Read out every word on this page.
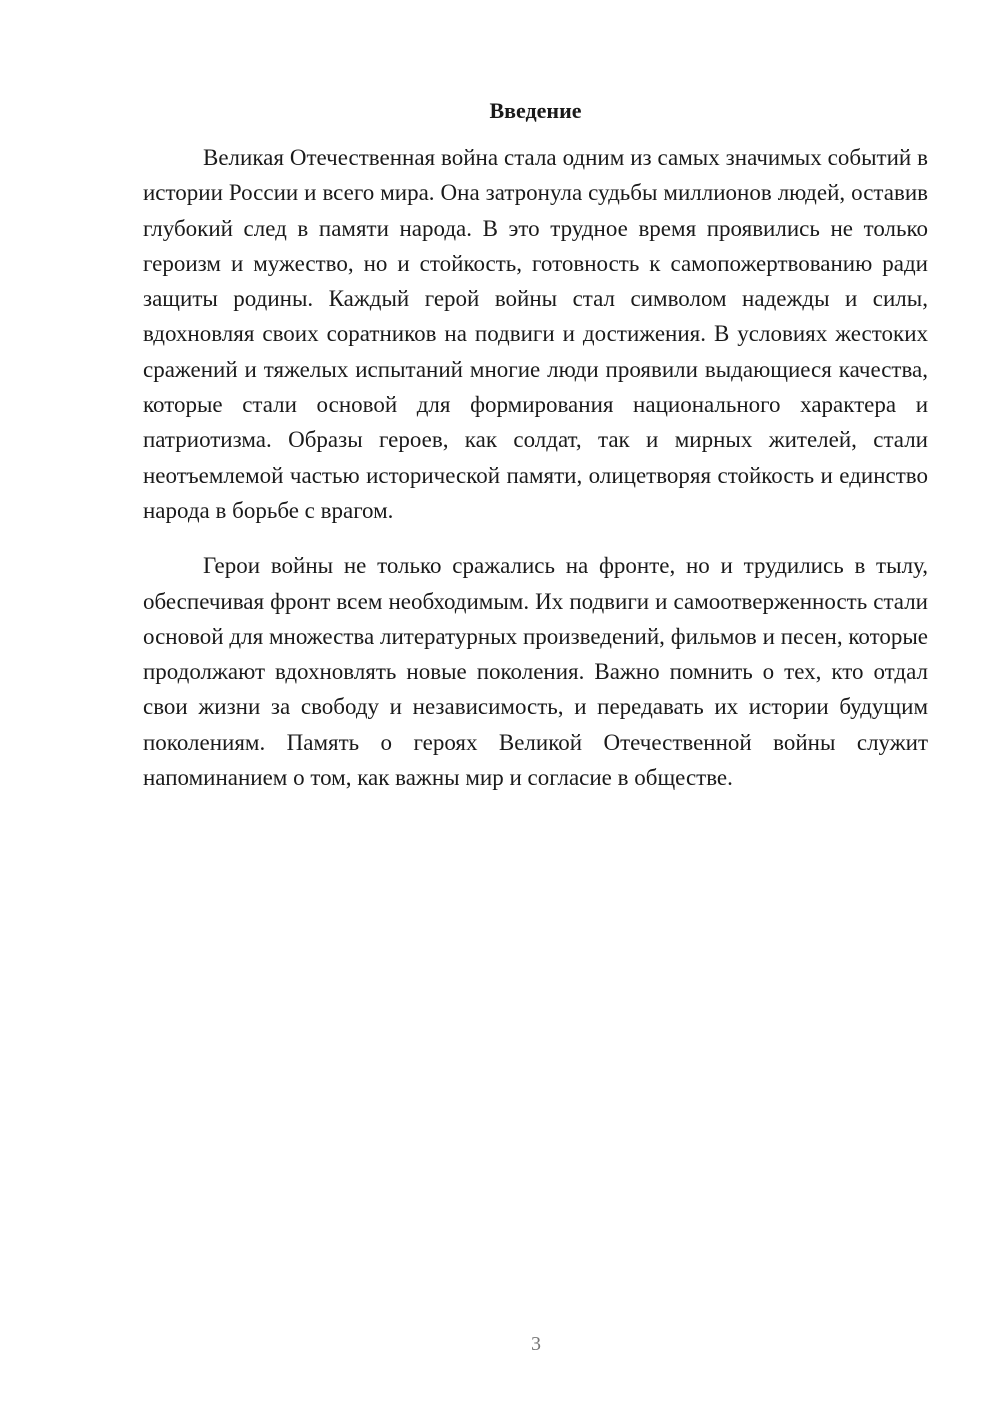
Введение

Великая Отечественная война стала одним из самых значимых событий в истории России и всего мира. Она затронула судьбы миллионов людей, оставив глубокий след в памяти народа. В это трудное время проявились не только героизм и мужество, но и стойкость, готовность к самопожертвованию ради защиты родины. Каждый герой войны стал символом надежды и силы, вдохновляя своих соратников на подвиги и достижения. В условиях жестоких сражений и тяжелых испытаний многие люди проявили выдающиеся качества, которые стали основой для формирования национального характера и патриотизма. Образы героев, как солдат, так и мирных жителей, стали неотъемлемой частью исторической памяти, олицетворяя стойкость и единство народа в борьбе с врагом.

Герои войны не только сражались на фронте, но и трудились в тылу, обеспечивая фронт всем необходимым. Их подвиги и самоотверженность стали основой для множества литературных произведений, фильмов и песен, которые продолжают вдохновлять новые поколения. Важно помнить о тех, кто отдал свои жизни за свободу и независимость, и передавать их истории будущим поколениям. Память о героях Великой Отечественной войны служит напоминанием о том, как важны мир и согласие в обществе.

3
